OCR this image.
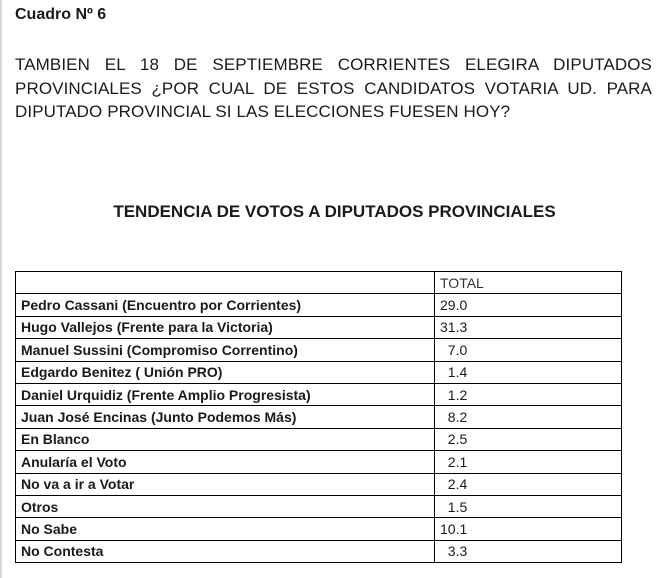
Cuadro Nº 6

TAMBIEN EL 18 DE SEPTIEMBRE CORRIENTES ELEGIRA DIPUTADOS PROVINCIALES ¿POR CUAL DE ESTOS CANDIDATOS VOTARIA UD. PARA DIPUTADO PROVINCIAL SI LAS ELECCIONES FUESEN HOY?

TENDENCIA DE VOTOS A DIPUTADOS PROVINCIALES
	TOTAL
Pedro Cassani (Encuentro por Corrientes)	29.0
Hugo Vallejos (Frente para la Victoria)	31.3
Manuel Sussini (Compromiso Correntino)	7.0
Edgardo Benitez ( Unión PRO)	1.4
Daniel Urquidiz (Frente Amplio Progresista)	1.2
Juan José Encinas (Junto Podemos Más)	8.2
En Blanco	2.5
Anularía el Voto	2.1
No va a ir a Votar	2.4
Otros	1.5
No Sabe	10.1
No Contesta	3.3
